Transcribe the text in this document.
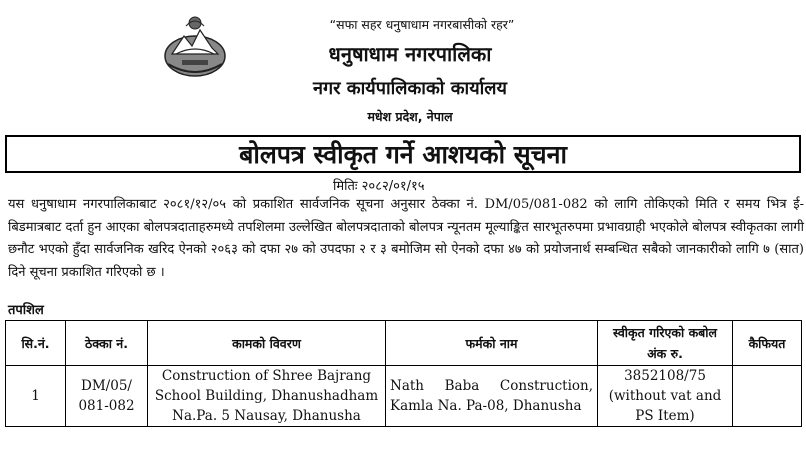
“सफा सहर धनुषाधाम नगरबासीको रहर”
धनुषाधाम नगरपालिका
नगर कार्यपालिकाको कार्यालय
मधेश प्रदेश, नेपाल
बोलपत्र स्वीकृत गर्ने आशयको सूचना
मितिः २०८२/०१/१५
यस धनुषाधाम नगरपालिकाबाट २०८१/१२/०५ को प्रकाशित सार्वजनिक सूचना अनुसार ठेक्का नं. DM/05/081-082 को लागि तोकिएको मिति र समय भित्र ई-बिडमात्रबाट दर्ता हुन आएका बोलपत्रदाताहरुमध्ये तपशिलमा उल्लेखित बोलपत्रदाताको बोलपत्र न्यूनतम मूल्याङ्कित सारभूतरुपमा प्रभावग्राही भएकोले बोलपत्र स्वीकृतका लागी छनौट भएको हुँदा सार्वजनिक खरिद ऐनको २०६३ को दफा २७ को उपदफा २ र ३ बमोजिम सो ऐनको दफा ४७ को प्रयोजनार्थ सम्बन्धित सबैको जानकारीको लागि ७ (सात) दिने सूचना प्रकाशित गरिएको छ ।
तपशिल
सि.नं.	ठेक्का नं.	कामको विवरण	फर्मको नाम	स्वीकृत गरिएको कबोल अंक रु.	कैफियत
1	DM/05/ 081-082	Construction of Shree Bajrang School Building, Dhanushadham Na.Pa. 5 Nausay, Dhanusha	Nath Baba Construction, Kamla Na. Pa-08, Dhanusha	3852108/75 (without vat and PS Item)	
